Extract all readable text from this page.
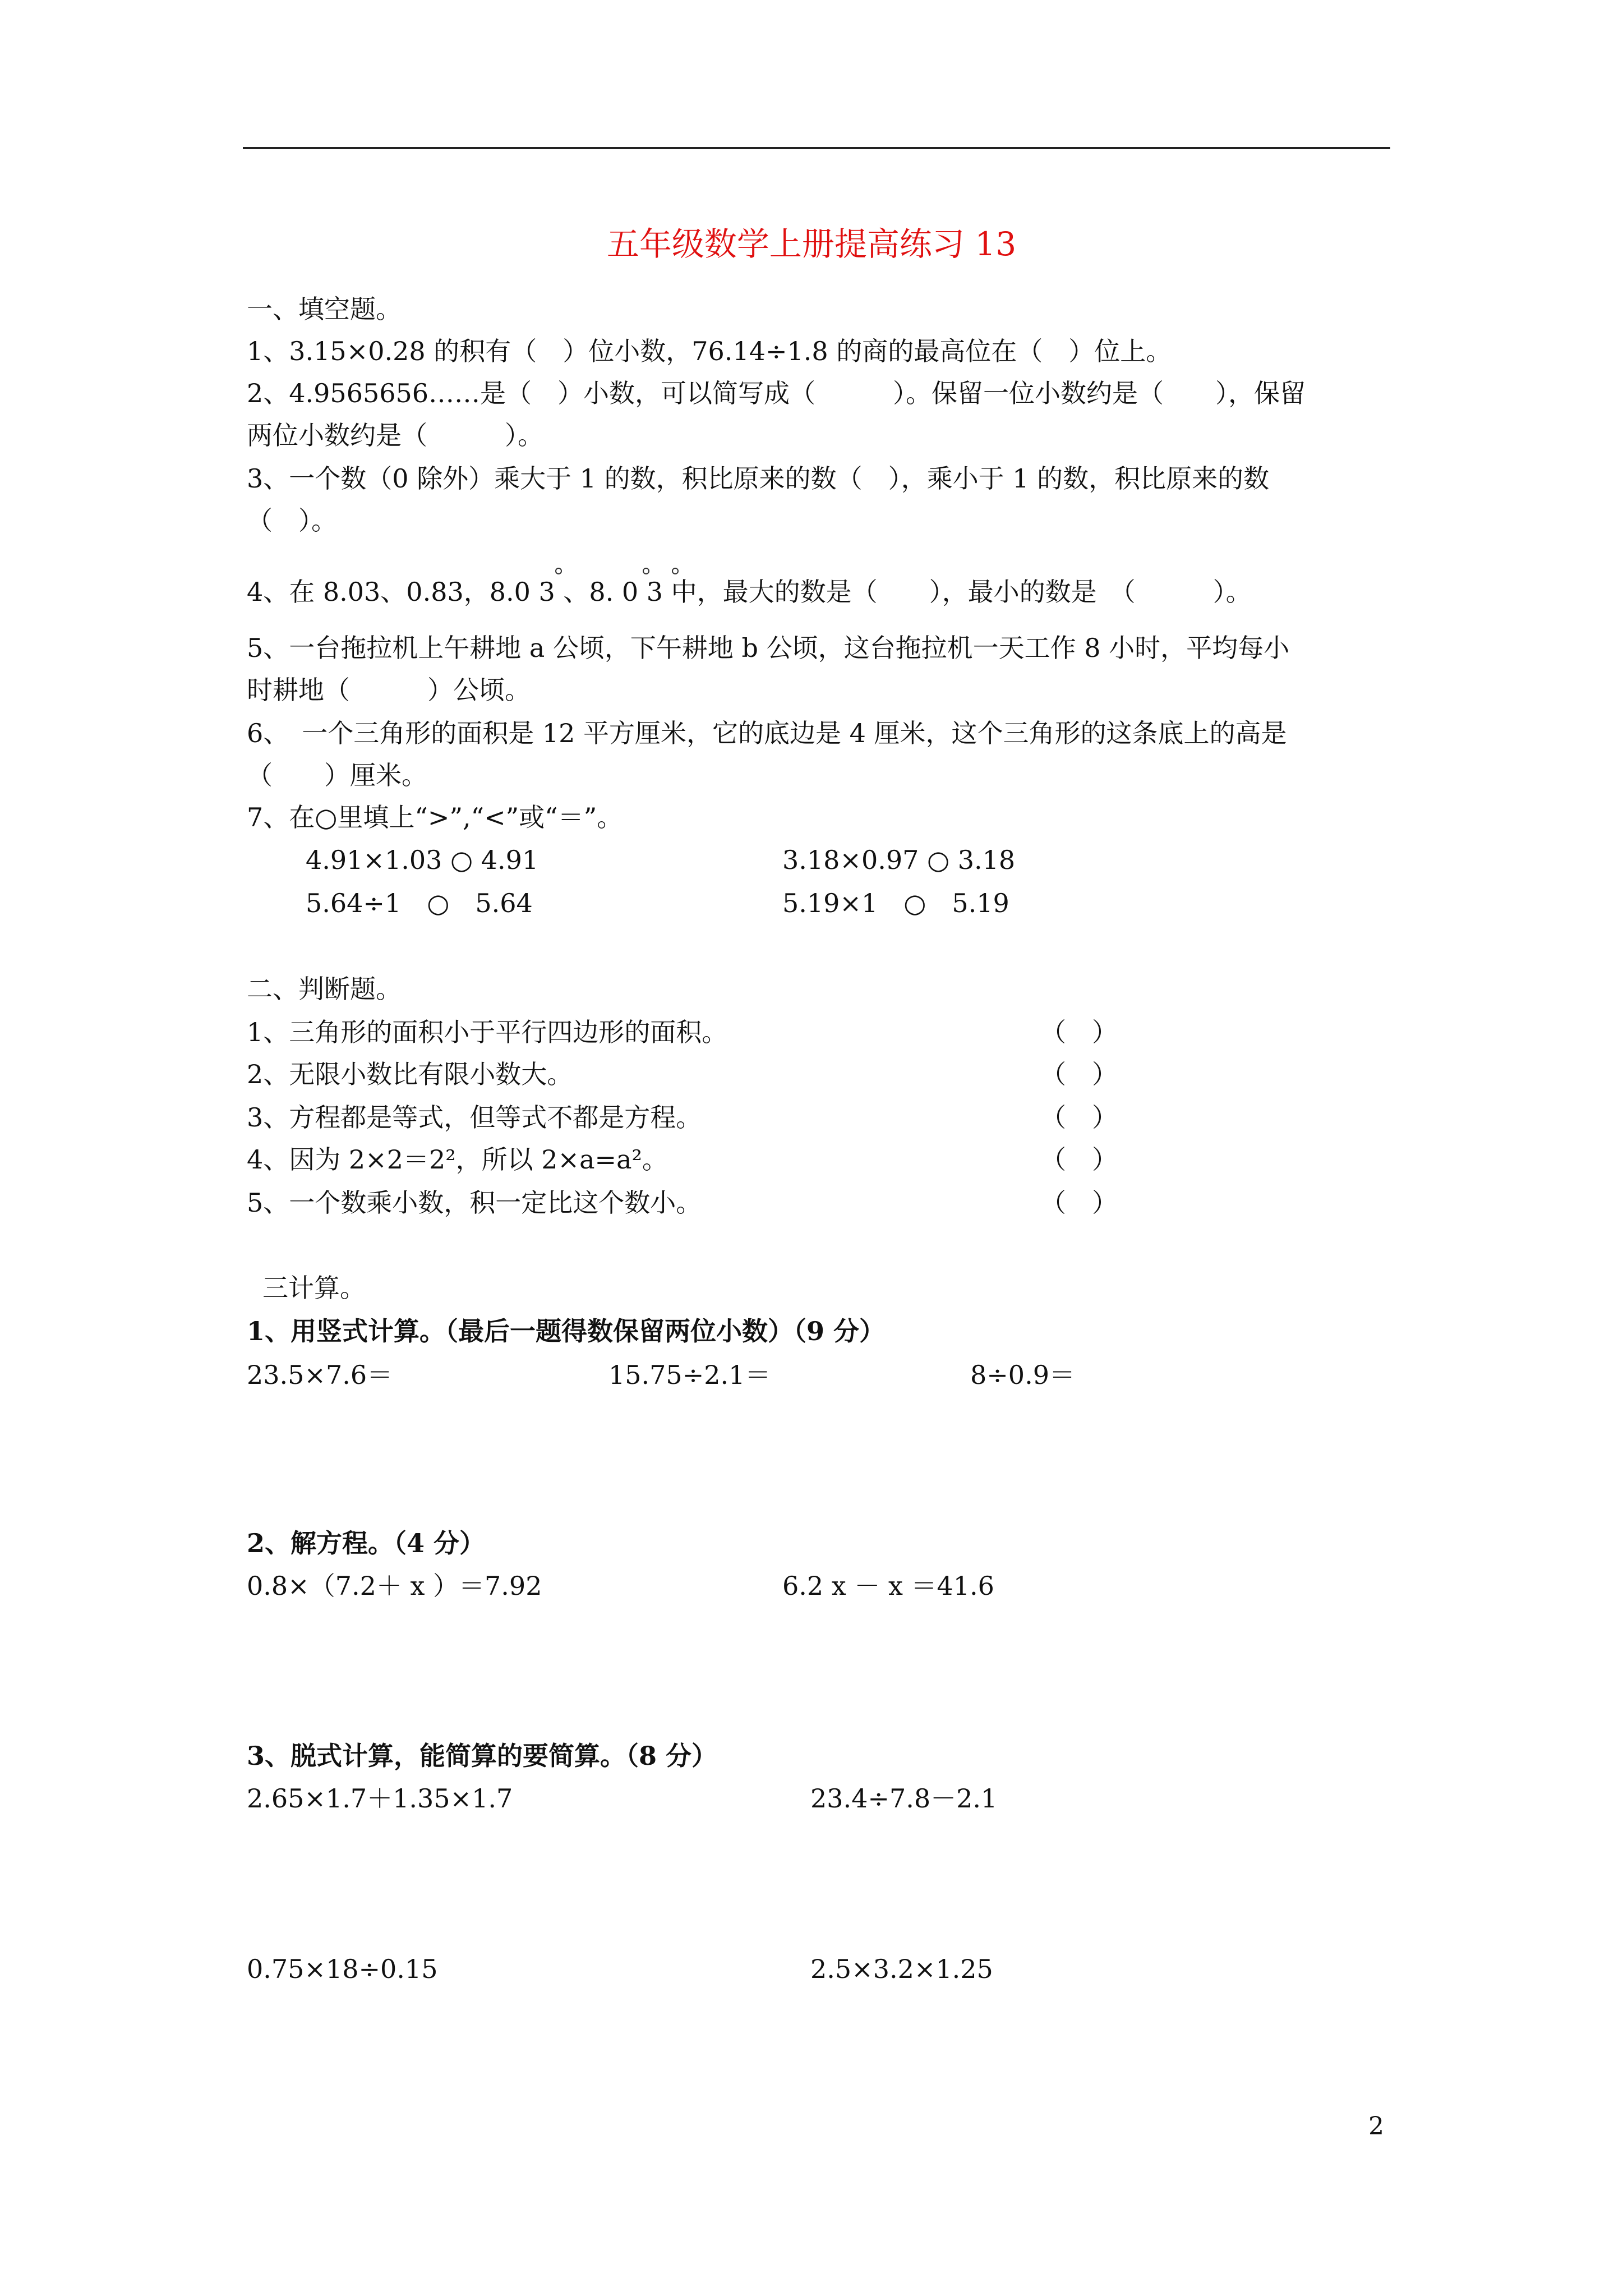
五年级数学上册提高练习 13
一、填空题。
1、3.15×0.28 的积有（　）位小数，76.14÷1.8 的商的最高位在（　）位上。
2、4.9565656……是（　）小数，可以简写成（　　　）。保留一位小数约是（　　），保留
两位小数约是（　　　）。
3、一个数（0 除外）乘大于 1 的数，积比原来的数（　），乘小于 1 的数，积比原来的数
（　）。
4、在 8.03、0.83，8.0 3 、8. 0 3 中，最大的数是（　　），最小的数是　（　　　）。
5、一台拖拉机上午耕地 a 公顷，下午耕地 b 公顷，这台拖拉机一天工作 8 小时，平均每小
时耕地（　　　）公顷。
6、　一个三角形的面积是 12 平方厘米，它的底边是 4 厘米，这个三角形的这条底上的高是
（　　）厘米。
7、在○里填上“>”,“<”或“＝”。
4.91×1.03 ○ 4.91	3.18×0.97 ○ 3.18
5.64÷1　○　5.64	5.19×1　○　5.19
二、判断题。
1、三角形的面积小于平行四边形的面积。	（　）
2、无限小数比有限小数大。	（　）
3、方程都是等式，但等式不都是方程。	（　）
4、因为 2×2＝2²，所以 2×a=a²。	（　）
5、一个数乘小数，积一定比这个数小。	（　）
三计算。
1、用竖式计算。（最后一题得数保留两位小数）（9 分）
23.5×7.6＝	15.75÷2.1＝	8÷0.9＝
2、解方程。（4 分）
0.8×（7.2＋ x ）＝7.92	6.2 x － x ＝41.6
3、脱式计算，能简算的要简算。（8 分）
2.65×1.7＋1.35×1.7	23.4÷7.8－2.1
0.75×18÷0.15	2.5×3.2×1.25
2
